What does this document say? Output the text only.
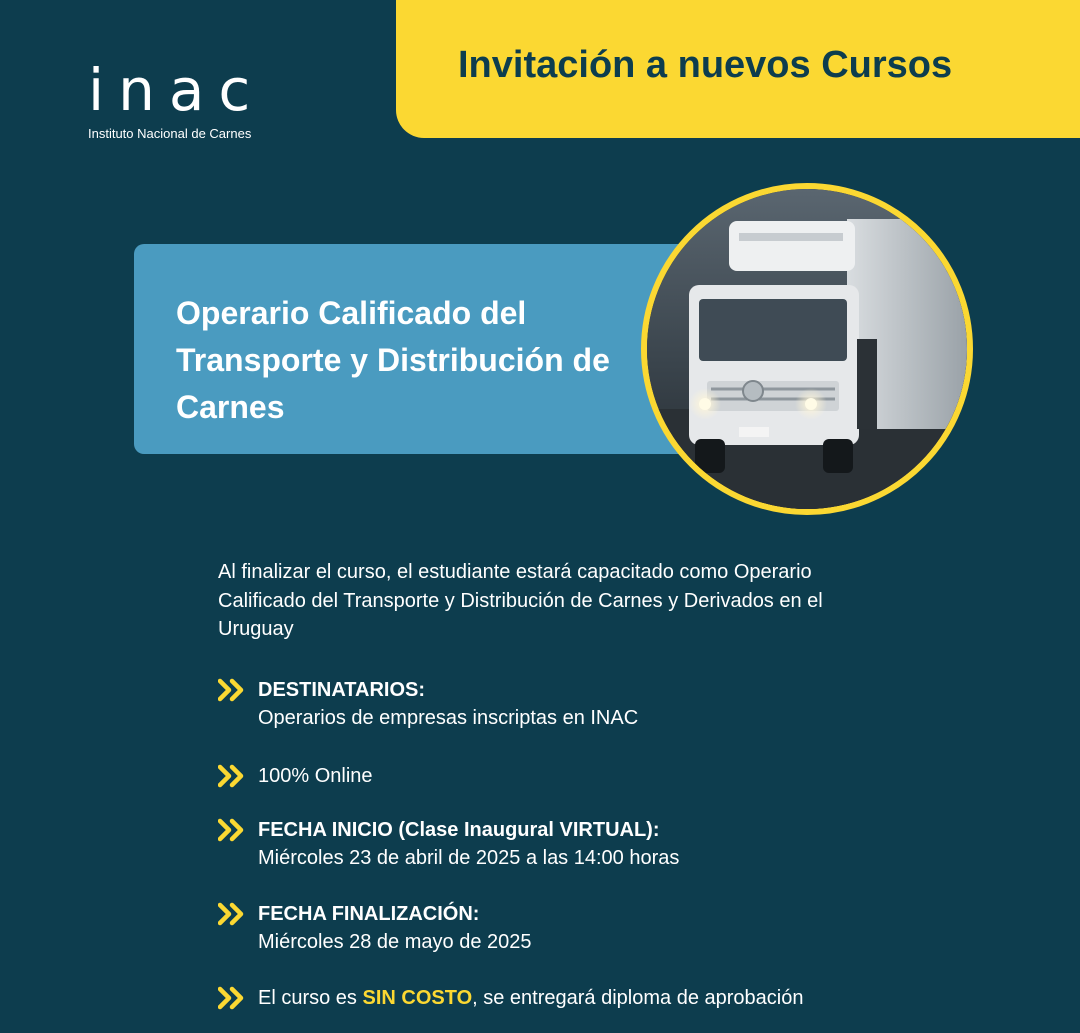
inac
Instituto Nacional de Carnes
Invitación a nuevos Cursos
Operario Calificado del Transporte y Distribución de Carnes
Al finalizar el curso, el estudiante estará capacitado como Operario Calificado del Transporte y Distribución de Carnes y Derivados en el Uruguay
DESTINATARIOS:
Operarios de empresas inscriptas en INAC
100% Online
FECHA INICIO (Clase Inaugural VIRTUAL):
Miércoles 23 de abril de 2025 a las 14:00 horas
FECHA FINALIZACIÓN:
Miércoles 28 de mayo de 2025
El curso es SIN COSTO, se entregará diploma de aprobación
